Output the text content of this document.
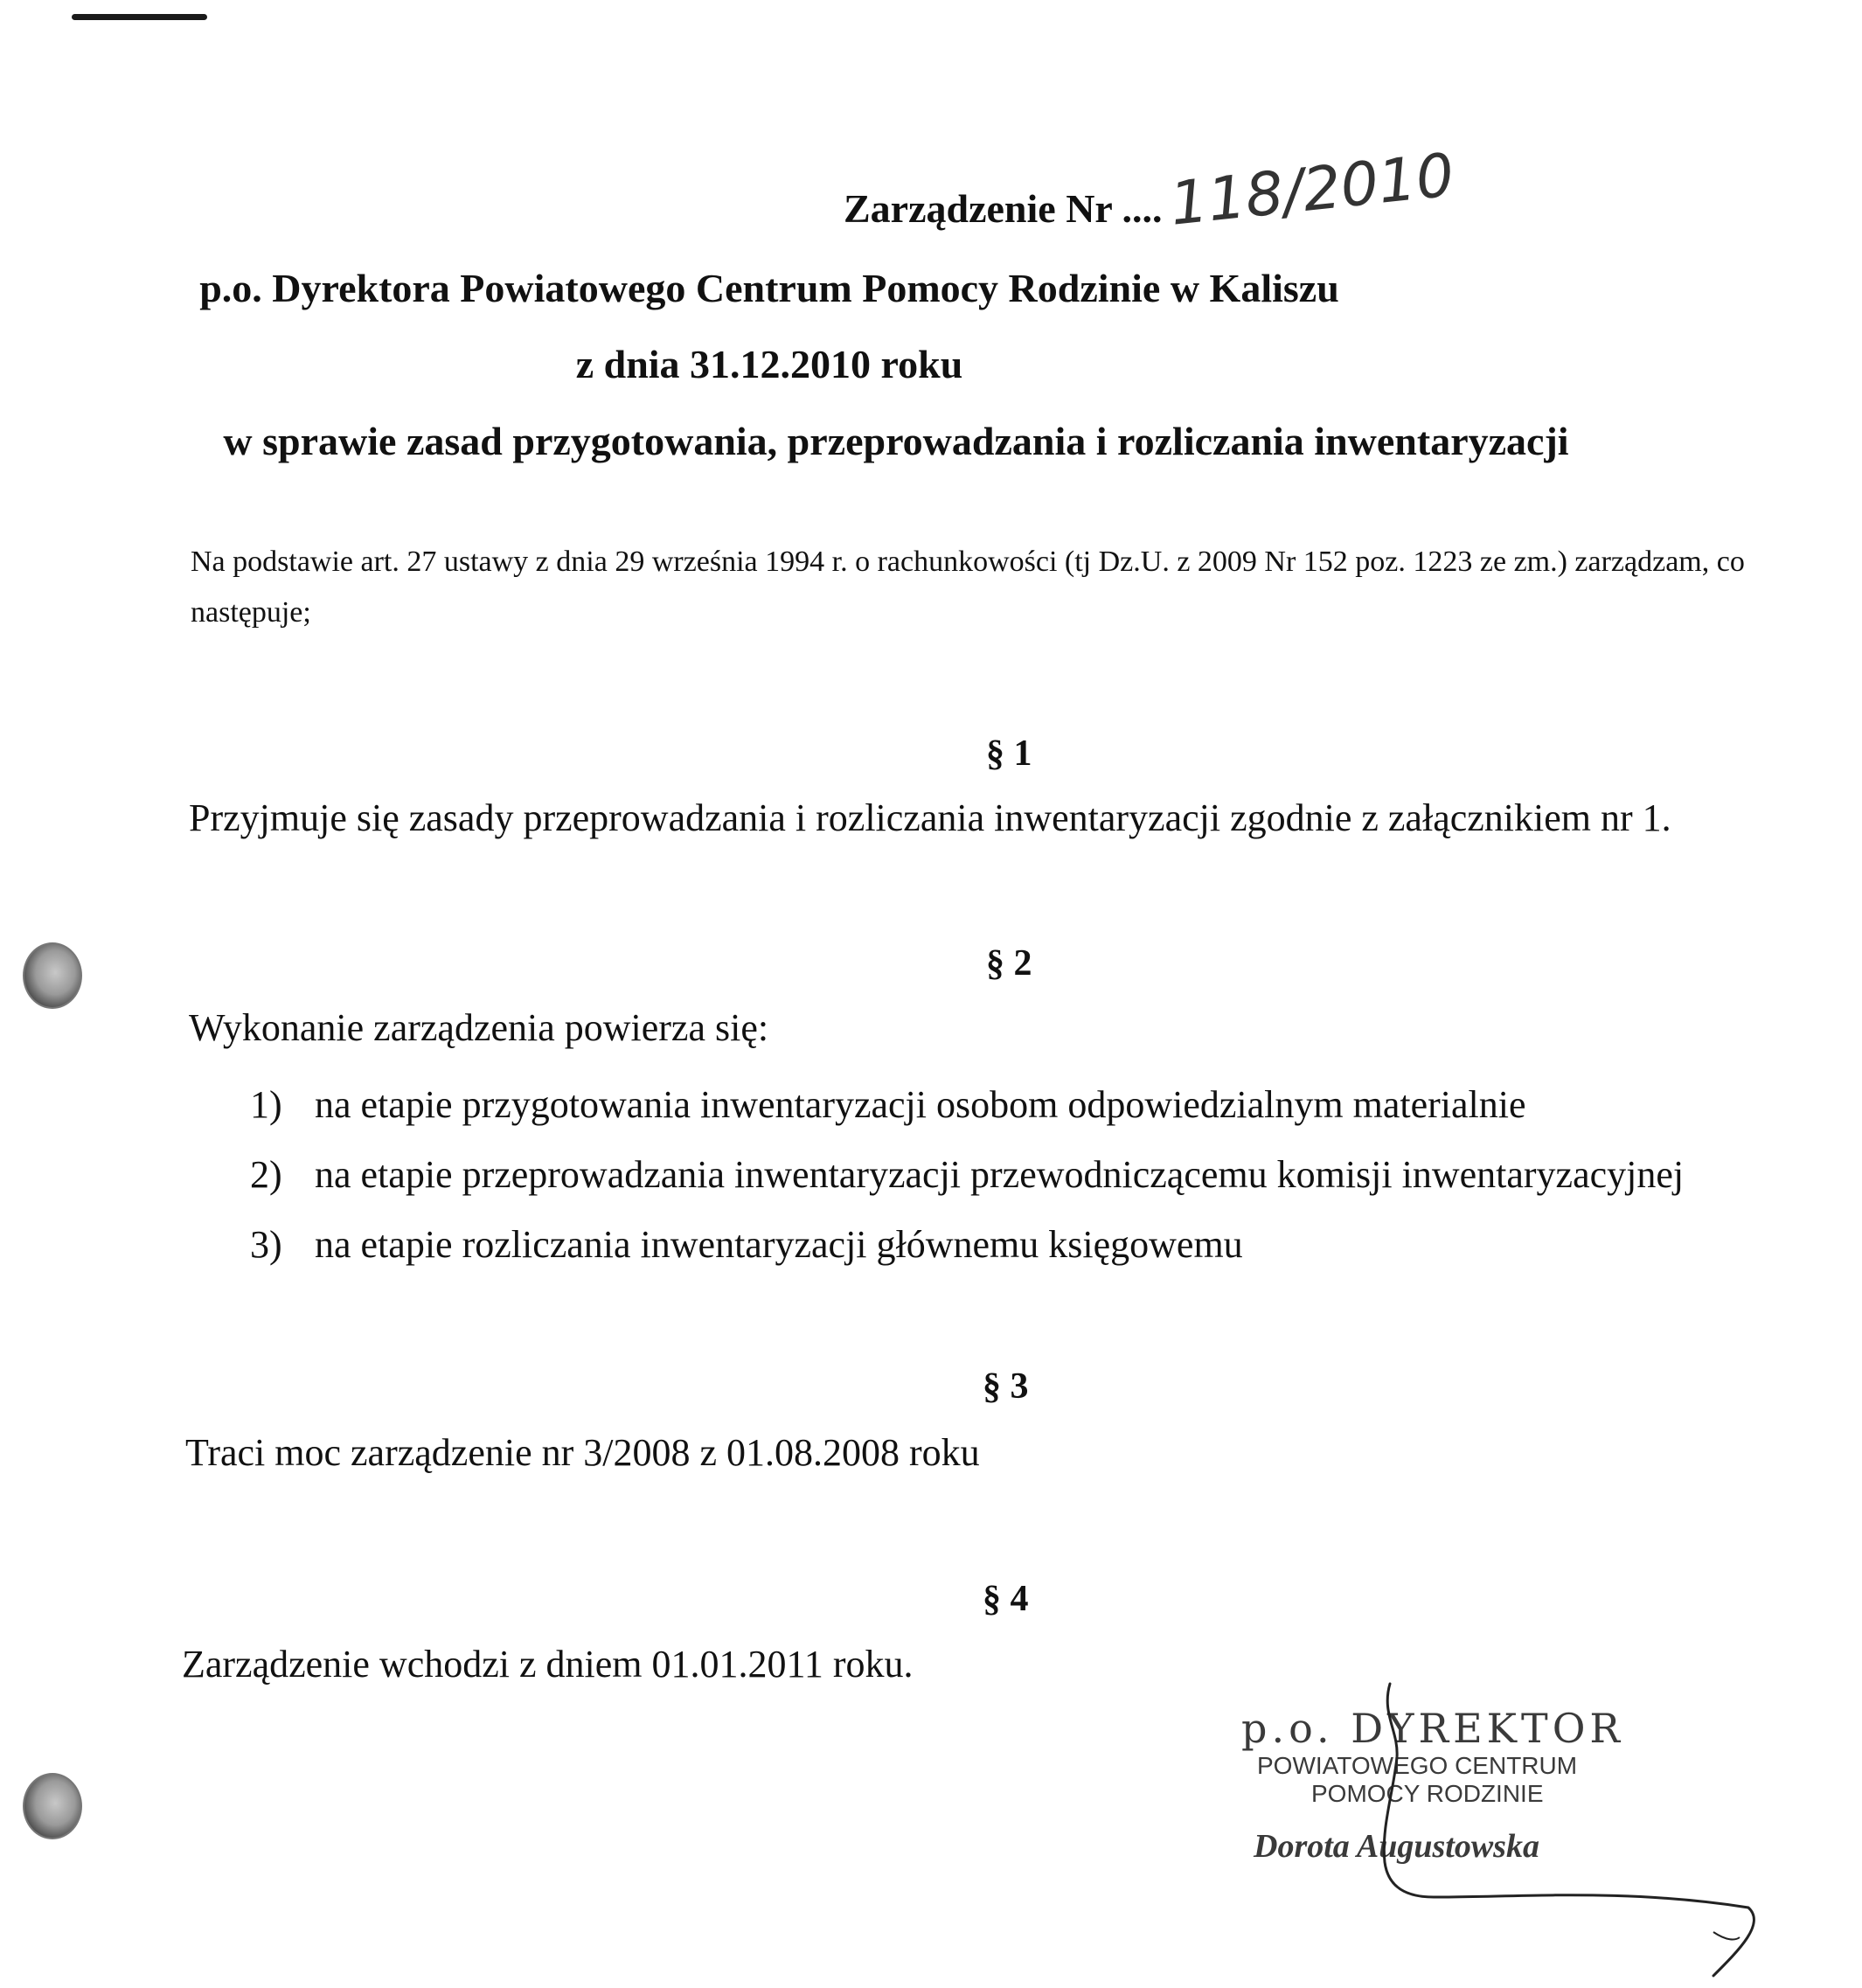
Zarządzenie Nr .... 118/2010
p.o. Dyrektora Powiatowego Centrum Pomocy Rodzinie w Kaliszu
z dnia 31.12.2010 roku
w sprawie zasad przygotowania, przeprowadzania i rozliczania inwentaryzacji
Na podstawie art. 27 ustawy z dnia 29 września 1994 r. o rachunkowości (tj Dz.U. z 2009 Nr 152 poz. 1223 ze zm.) zarządzam, co następuje;
§ 1
Przyjmuje się zasady przeprowadzania i rozliczania inwentaryzacji zgodnie z załącznikiem nr 1.
§ 2
Wykonanie zarządzenia powierza się:
1) na etapie przygotowania inwentaryzacji osobom odpowiedzialnym materialnie
2) na etapie przeprowadzania inwentaryzacji przewodniczącemu komisji inwentaryzacyjnej
3) na etapie rozliczania inwentaryzacji głównemu księgowemu
§ 3
Traci moc zarządzenie nr 3/2008 z 01.08.2008 roku
§ 4
Zarządzenie wchodzi z dniem 01.01.2011 roku.
p.o. DYREKTOR
POWIATOWEGO CENTRUM
POMOCY RODZINIE
Dorota Augustowska
